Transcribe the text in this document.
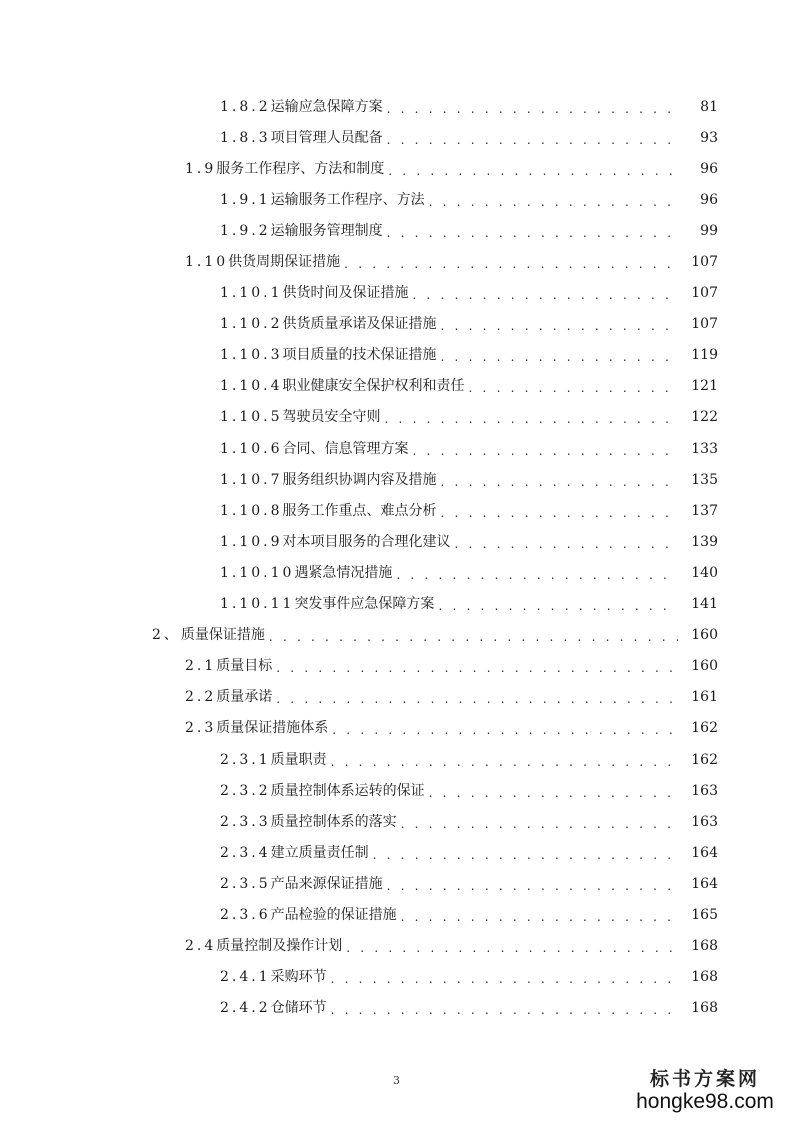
1.8.2 运输应急保障方案 . . .	81
1.8.3 项目管理人员配备 . . .	93
1.9 服务工作程序、方法和制度 . . .	96
1.9.1 运输服务工作程序、方法 . . .	96
1.9.2 运输服务管理制度 . . .	99
1.10 供货周期保证措施 . . .	107
1.10.1 供货时间及保证措施 . . .	107
1.10.2 供货质量承诺及保证措施 . . .	107
1.10.3 项目质量的技术保证措施 . . .	119
1.10.4 职业健康安全保护权利和责任 . . .	121
1.10.5 驾驶员安全守则 . . .	122
1.10.6 合同、信息管理方案 . . .	133
1.10.7 服务组织协调内容及措施 . . .	135
1.10.8 服务工作重点、难点分析 . . .	137
1.10.9 对本项目服务的合理化建议 . . .	139
1.10.10 遇紧急情况措施 . . .	140
1.10.11 突发事件应急保障方案 . . .	141
2、 质量保证措施 . . .	160
2.1 质量目标 . . .	160
2.2 质量承诺 . . .	161
2.3 质量保证措施体系 . . .	162
2.3.1 质量职责 . . .	162
2.3.2 质量控制体系运转的保证 . . .	163
2.3.3 质量控制体系的落实 . . .	163
2.3.4 建立质量责任制 . . .	164
2.3.5 产品来源保证措施 . . .	164
2.3.6 产品检验的保证措施 . . .	165
2.4 质量控制及操作计划 . . .	168
2.4.1 采购环节 . . .	168
2.4.2 仓储环节 . . .	168
3	标书方案网
hongke98.com
